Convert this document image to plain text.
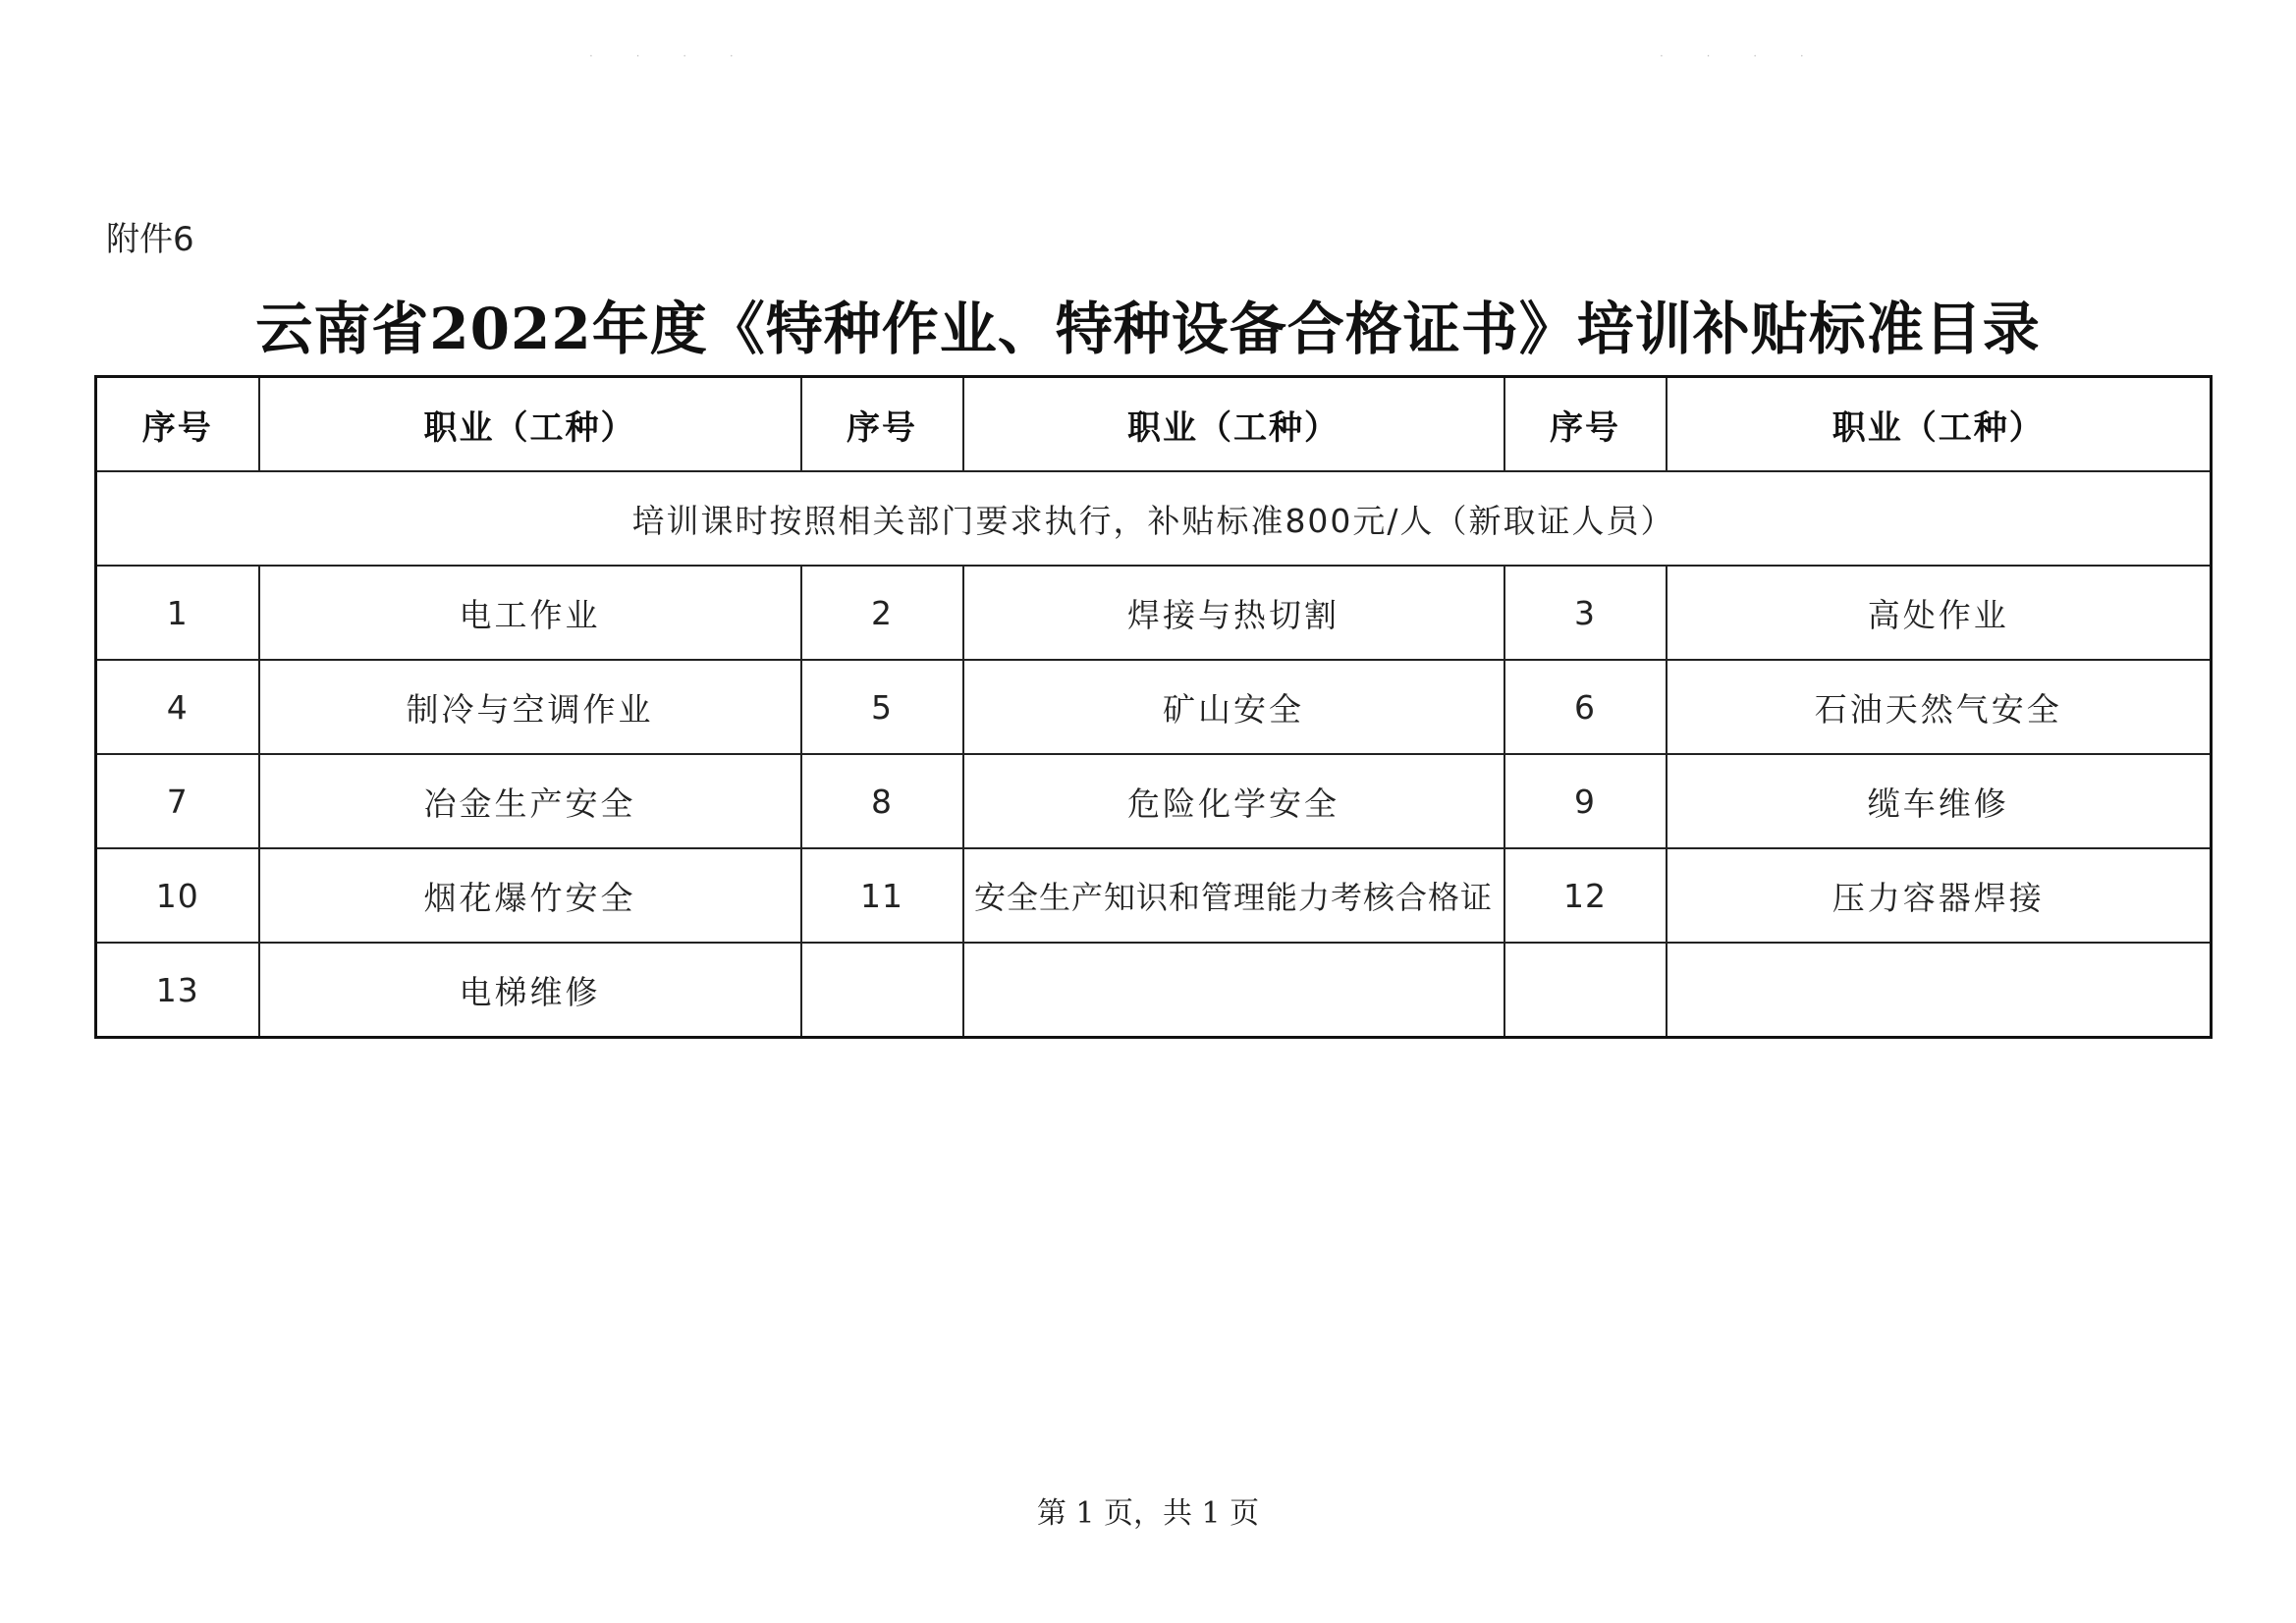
· · · ·	· · · ·
附件6
云南省2022年度《特种作业、特种设备合格证书》培训补贴标准目录
序号	职业（工种）	序号	职业（工种）	序号	职业（工种）
培训课时按照相关部门要求执行，补贴标准800元/人（新取证人员）					
1	电工作业	2	焊接与热切割	3	高处作业
4	制冷与空调作业	5	矿山安全	6	石油天然气安全
7	冶金生产安全	8	危险化学安全	9	缆车维修
10	烟花爆竹安全	11	安全生产知识和管理能力考核合格证	12	压力容器焊接
13	电梯维修				
第 1 页，共 1 页
